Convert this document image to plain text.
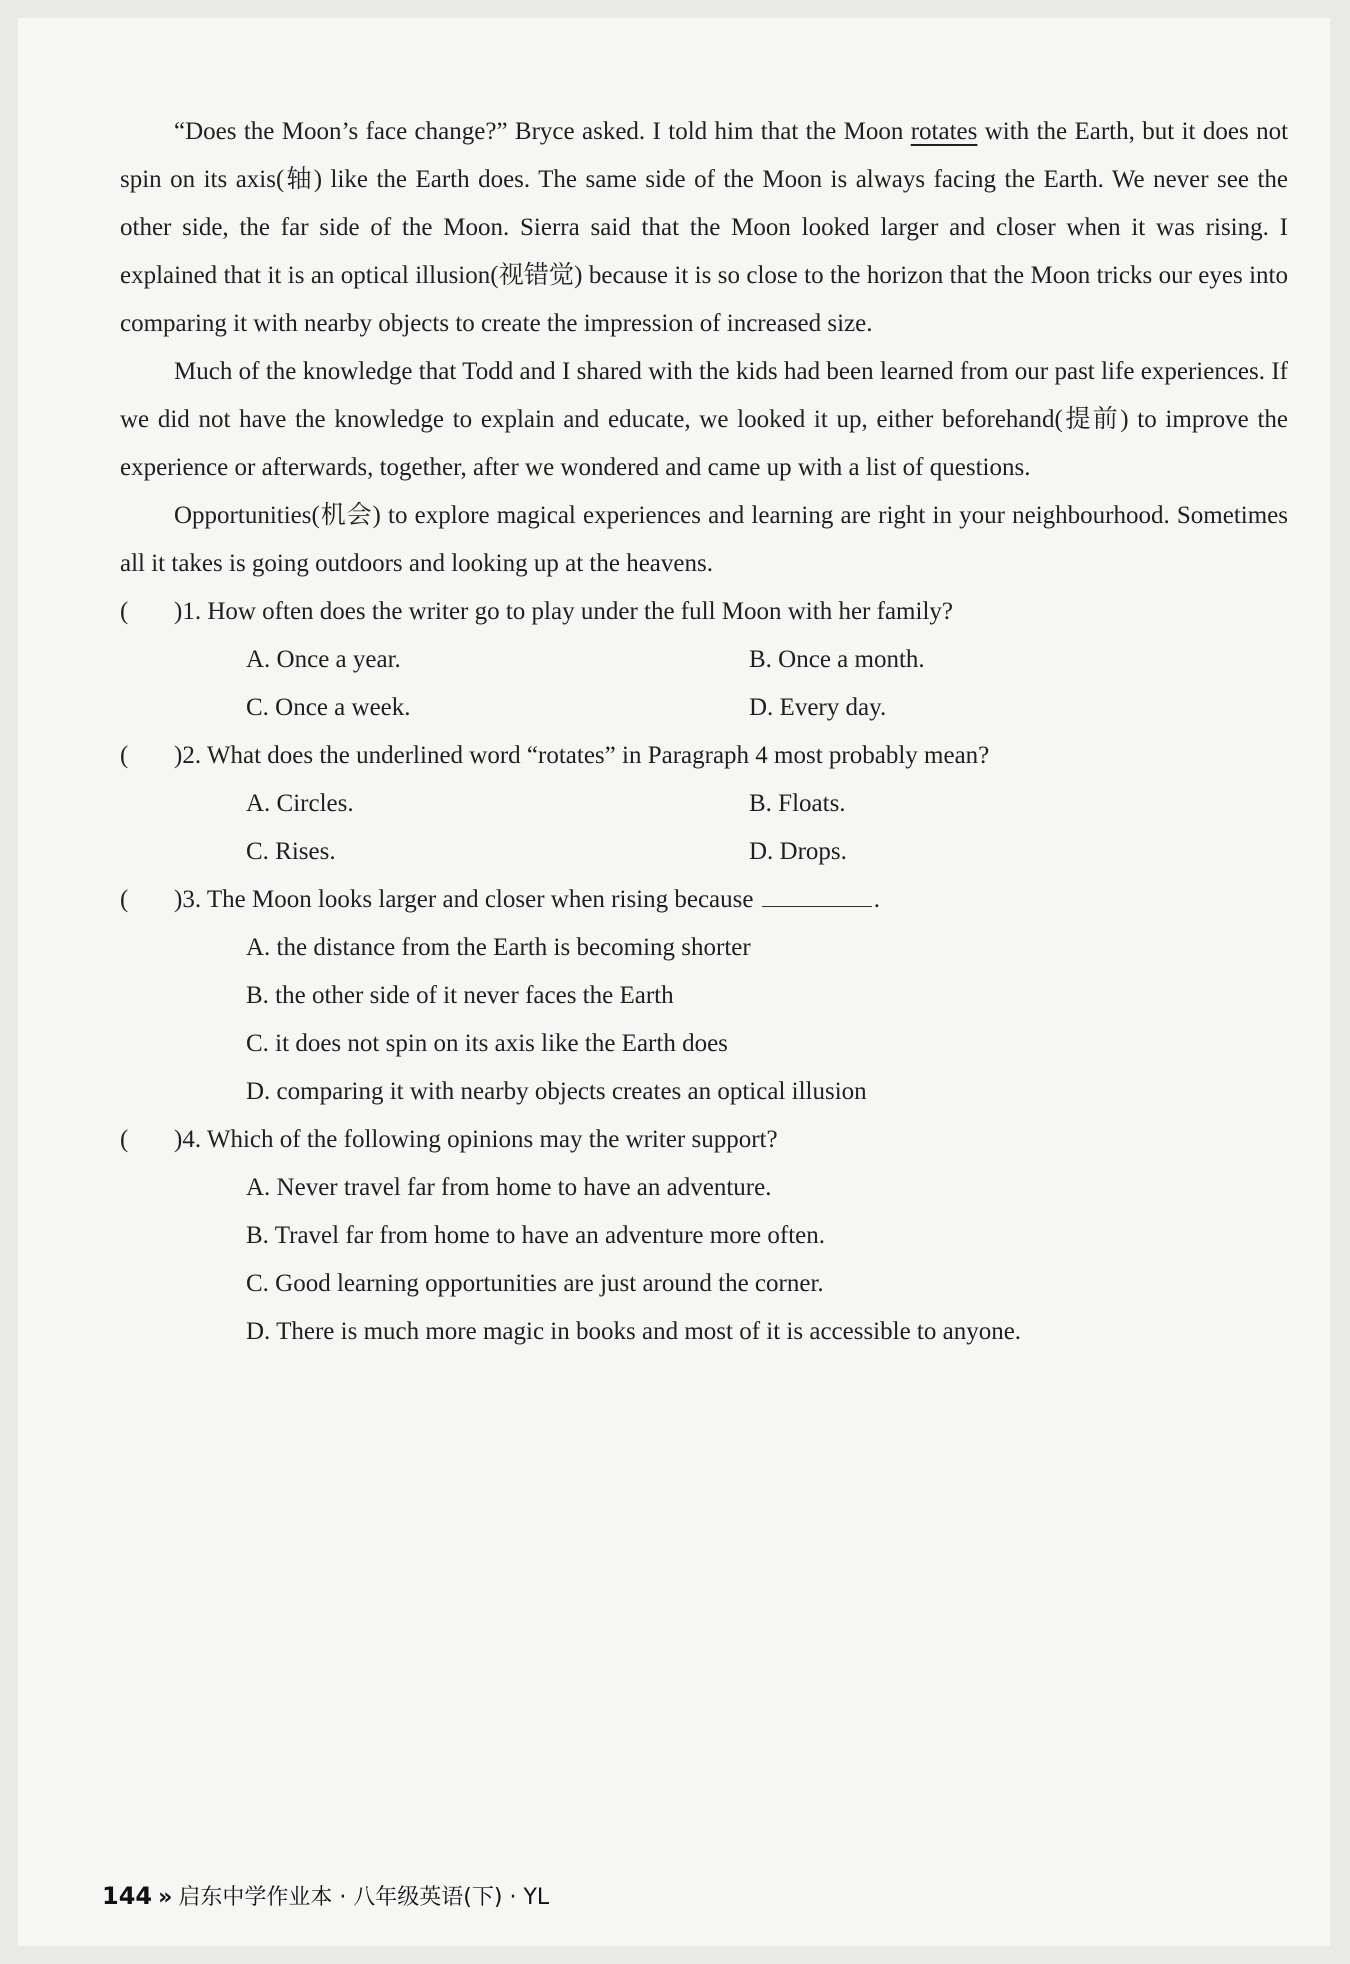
“Does the Moon’s face change?” Bryce asked. I told him that the Moon rotates with the Earth, but it does not spin on its axis(轴) like the Earth does. The same side of the Moon is always facing the Earth. We never see the other side, the far side of the Moon. Sierra said that the Moon looked larger and closer when it was rising. I explained that it is an optical illusion(视错觉) because it is so close to the horizon that the Moon tricks our eyes into comparing it with nearby objects to create the impression of increased size.

Much of the knowledge that Todd and I shared with the kids had been learned from our past life experiences. If we did not have the knowledge to explain and educate, we looked it up, either beforehand(提前) to improve the experience or afterwards, together, after we wondered and came up with a list of questions.

Opportunities(机会) to explore magical experiences and learning are right in your neighbourhood. Sometimes all it takes is going outdoors and looking up at the heavens.

( )1. How often does the writer go to play under the full Moon with her family?

A. Once a year.	B. Once a month.
C. Once a week.	D. Every day.

( )2. What does the underlined word “rotates” in Paragraph 4 most probably mean?

A. Circles.	B. Floats.
C. Rises.	D. Drops.

( )3. The Moon looks larger and closer when rising because	.

A. the distance from the Earth is becoming shorter
B. the other side of it never faces the Earth
C. it does not spin on its axis like the Earth does
D. comparing it with nearby objects creates an optical illusion

( )4. Which of the following opinions may the writer support?

A. Never travel far from home to have an adventure.
B. Travel far from home to have an adventure more often.
C. Good learning opportunities are just around the corner.
D. There is much more magic in books and most of it is accessible to anyone.
144 » 启东中学作业本 · 八年级英语(下) · YL
